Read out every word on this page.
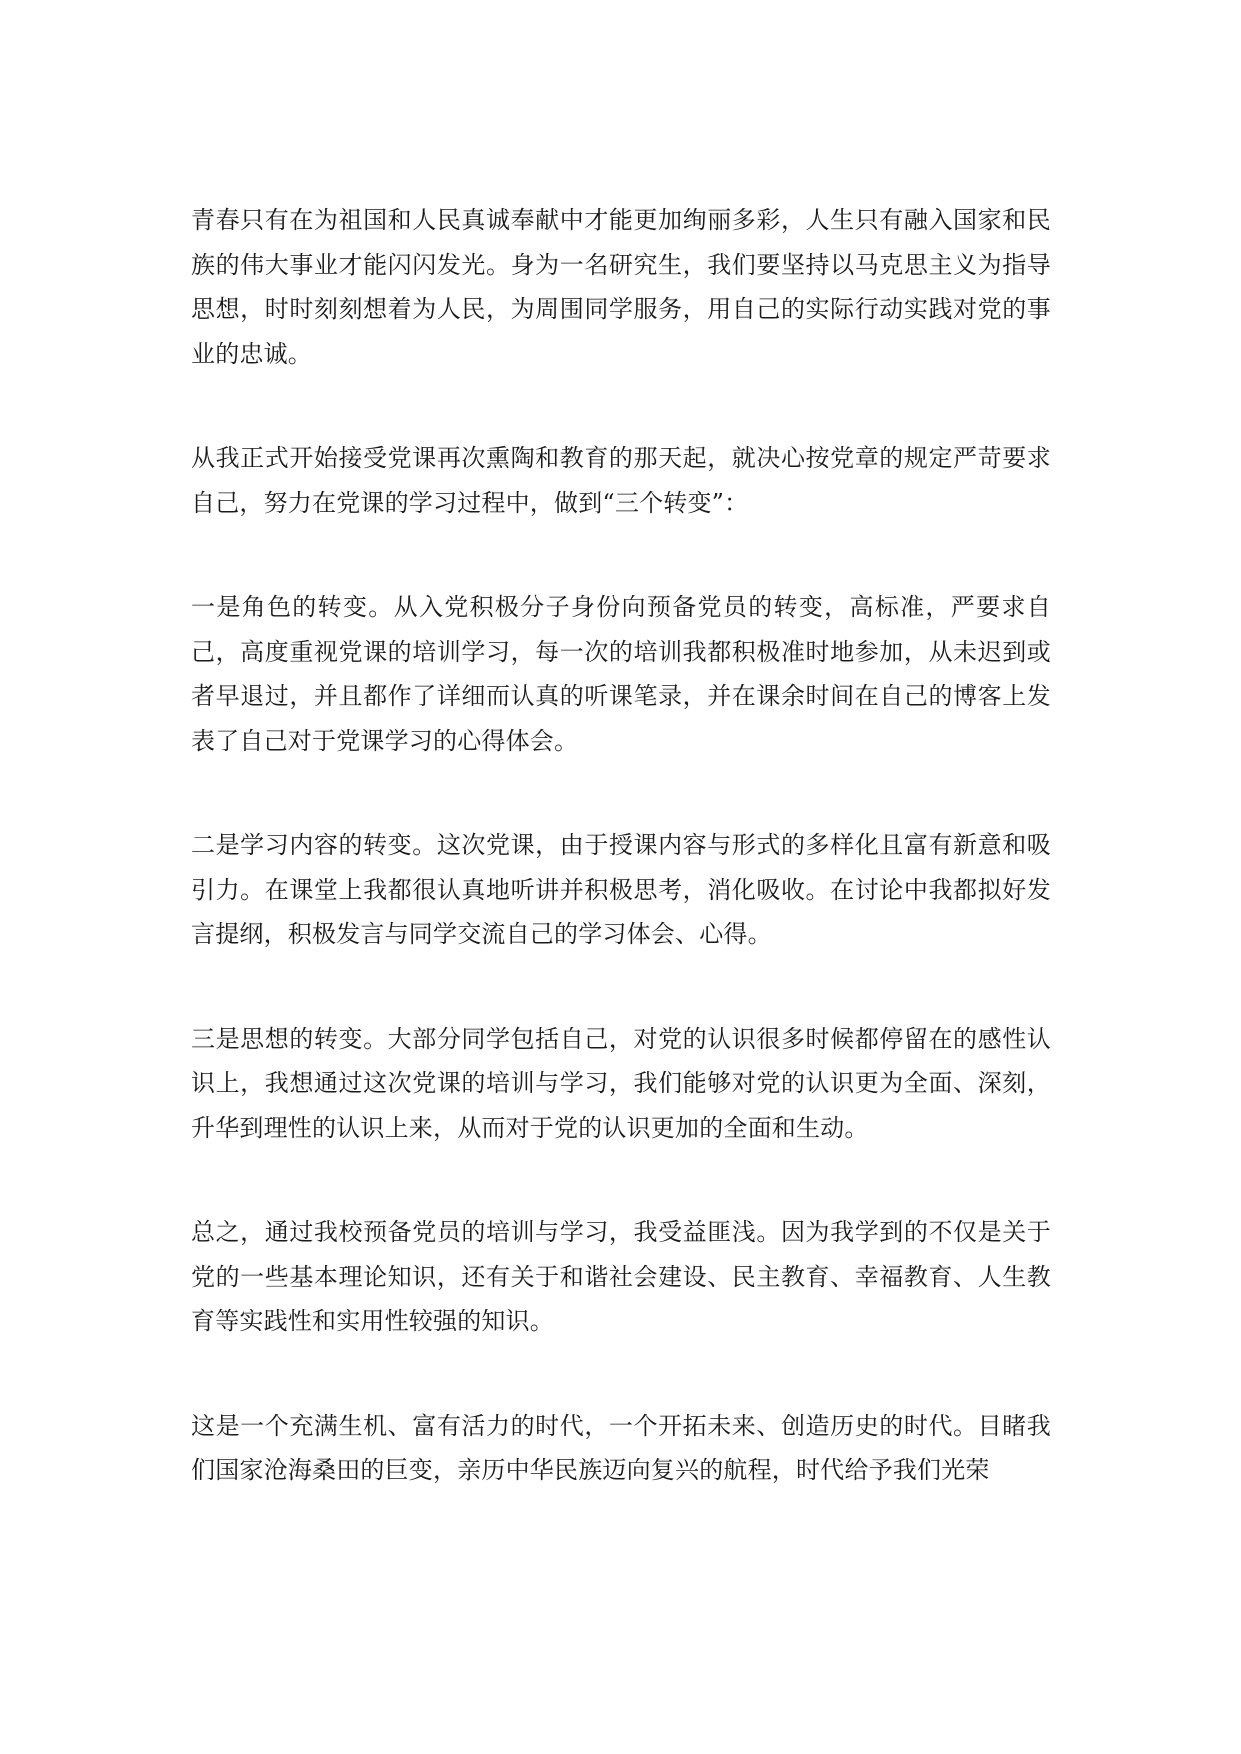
青春只有在为祖国和人民真诚奉献中才能更加绚丽多彩，人生只有融入国家和民族的伟大事业才能闪闪发光。身为一名研究生，我们要坚持以马克思主义为指导思想，时时刻刻想着为人民，为周围同学服务，用自己的实际行动实践对党的事业的忠诚。

从我正式开始接受党课再次熏陶和教育的那天起，就决心按党章的规定严苛要求自己，努力在党课的学习过程中，做到“三个转变”：

一是角色的转变。从入党积极分子身份向预备党员的转变，高标准，严要求自己，高度重视党课的培训学习，每一次的培训我都积极准时地参加，从未迟到或者早退过，并且都作了详细而认真的听课笔录，并在课余时间在自己的博客上发表了自己对于党课学习的心得体会。

二是学习内容的转变。这次党课，由于授课内容与形式的多样化且富有新意和吸引力。在课堂上我都很认真地听讲并积极思考，消化吸收。在讨论中我都拟好发言提纲，积极发言与同学交流自己的学习体会、心得。

三是思想的转变。大部分同学包括自己，对党的认识很多时候都停留在的感性认识上，我想通过这次党课的培训与学习，我们能够对党的认识更为全面、深刻，升华到理性的认识上来，从而对于党的认识更加的全面和生动。

总之，通过我校预备党员的培训与学习，我受益匪浅。因为我学到的不仅是关于党的一些基本理论知识，还有关于和谐社会建设、民主教育、幸福教育、人生教育等实践性和实用性较强的知识。

这是一个充满生机、富有活力的时代，一个开拓未来、创造历史的时代。目睹我们国家沧海桑田的巨变，亲历中华民族迈向复兴的航程，时代给予我们光荣
